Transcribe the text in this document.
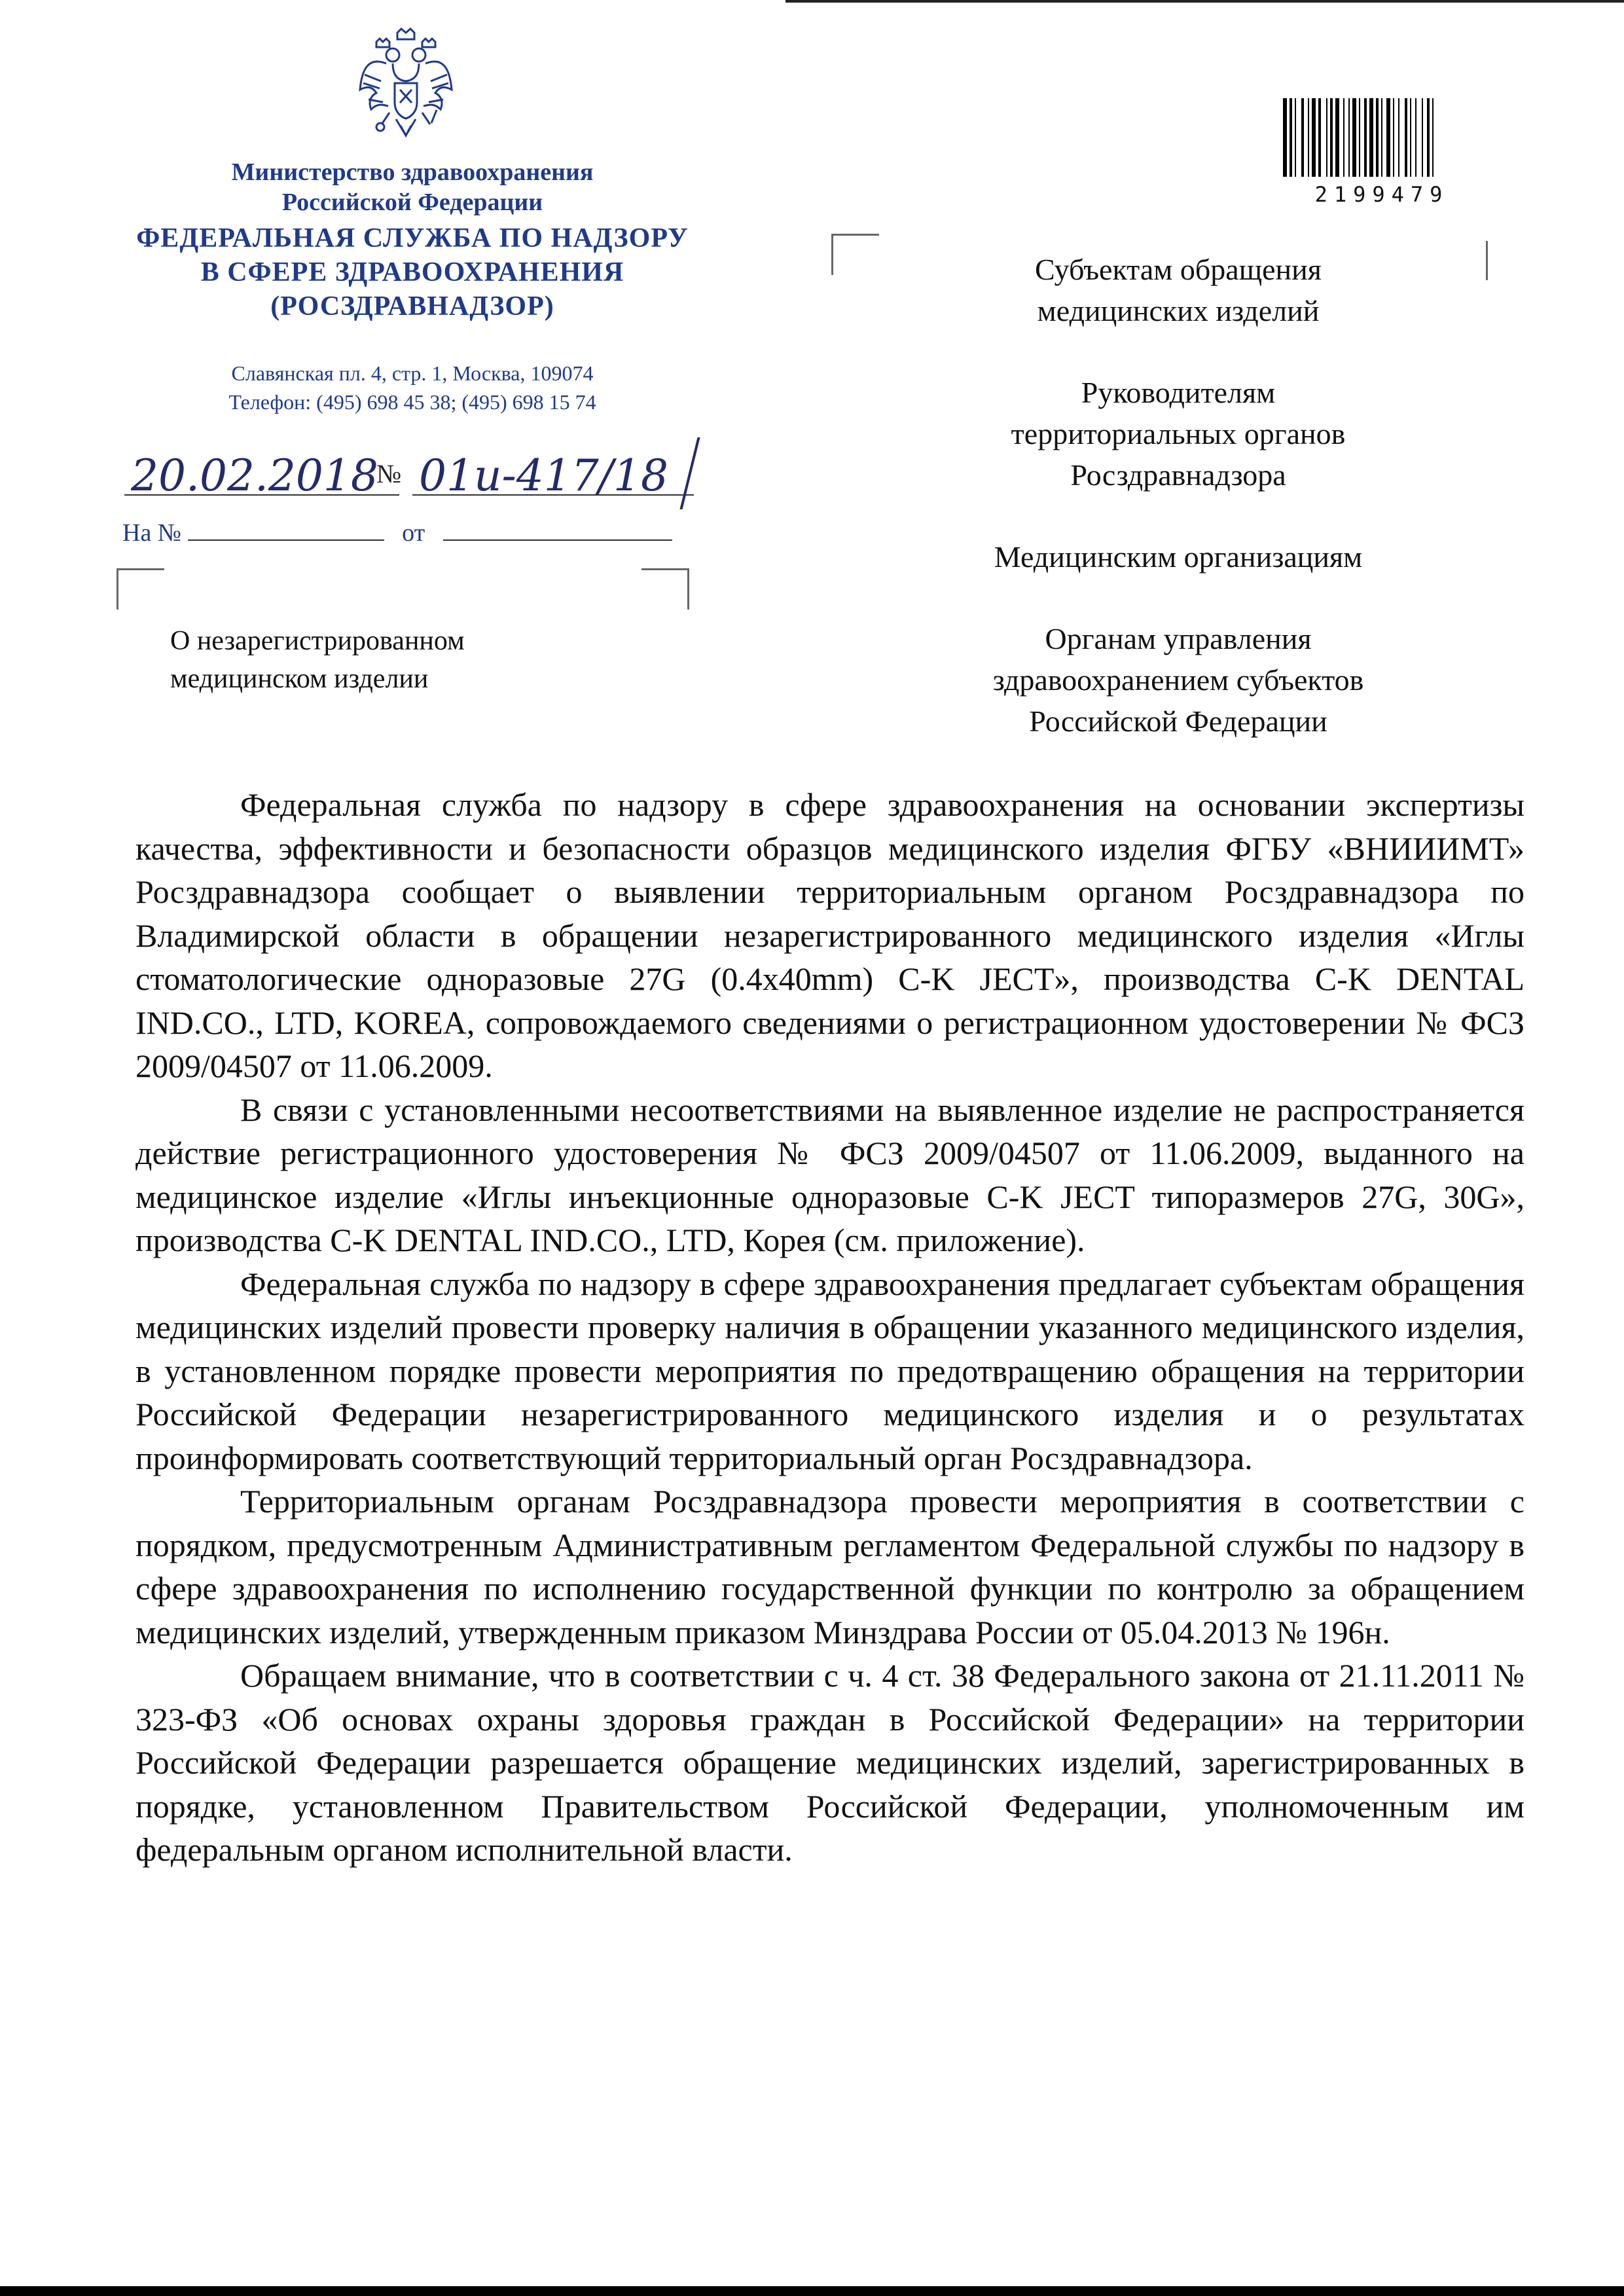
Министерство здравоохранения
Российской Федерации
ФЕДЕРАЛЬНАЯ СЛУЖБА ПО НАДЗОРУ
В СФЕРЕ ЗДРАВООХРАНЕНИЯ
(РОСЗДРАВНАДЗОР)
Славянская пл. 4, стр. 1, Москва, 109074
Телефон: (495) 698 45 38; (495) 698 15 74
20.02.2018
№ 01и-417/18
На №	от
О незарегистрированном
медицинском изделии
2199479
Субъектам обращения
медицинских изделий
Руководителям
территориальных органов
Росздравнадзора
Медицинским организациям
Органам управления
здравоохранением субъектов
Российской Федерации

Федеральная служба по надзору в сфере здравоохранения на основании экспертизы качества, эффективности и безопасности образцов медицинского изделия ФГБУ «ВНИИИМТ» Росздравнадзора сообщает о выявлении территориальным органом Росздравнадзора по Владимирской области в обращении незарегистрированного медицинского изделия «Иглы стоматологические одноразовые 27G (0.4x40mm) C-K JECT», производства C-K DENTAL IND.CO., LTD, KOREA, сопровождаемого сведениями о регистрационном удостоверении № ФСЗ 2009/04507 от 11.06.2009.

В связи с установленными несоответствиями на выявленное изделие не распространяется действие регистрационного удостоверения № ФСЗ 2009/04507 от 11.06.2009, выданного на медицинское изделие «Иглы инъекционные одноразовые C-K JECT типоразмеров 27G, 30G», производства C-K DENTAL IND.CO., LTD, Корея (см. приложение).

Федеральная служба по надзору в сфере здравоохранения предлагает субъектам обращения медицинских изделий провести проверку наличия в обращении указанного медицинского изделия, в установленном порядке провести мероприятия по предотвращению обращения на территории Российской Федерации незарегистрированного медицинского изделия и о результатах проинформировать соответствующий территориальный орган Росздравнадзора.

Территориальным органам Росздравнадзора провести мероприятия в соответствии с порядком, предусмотренным Административным регламентом Федеральной службы по надзору в сфере здравоохранения по исполнению государственной функции по контролю за обращением медицинских изделий, утвержденным приказом Минздрава России от 05.04.2013 № 196н.

Обращаем внимание, что в соответствии с ч. 4 ст. 38 Федерального закона от 21.11.2011 № 323-ФЗ «Об основах охраны здоровья граждан в Российской Федерации» на территории Российской Федерации разрешается обращение медицинских изделий, зарегистрированных в порядке, установленном Правительством Российской Федерации, уполномоченным им федеральным органом исполнительной власти.
